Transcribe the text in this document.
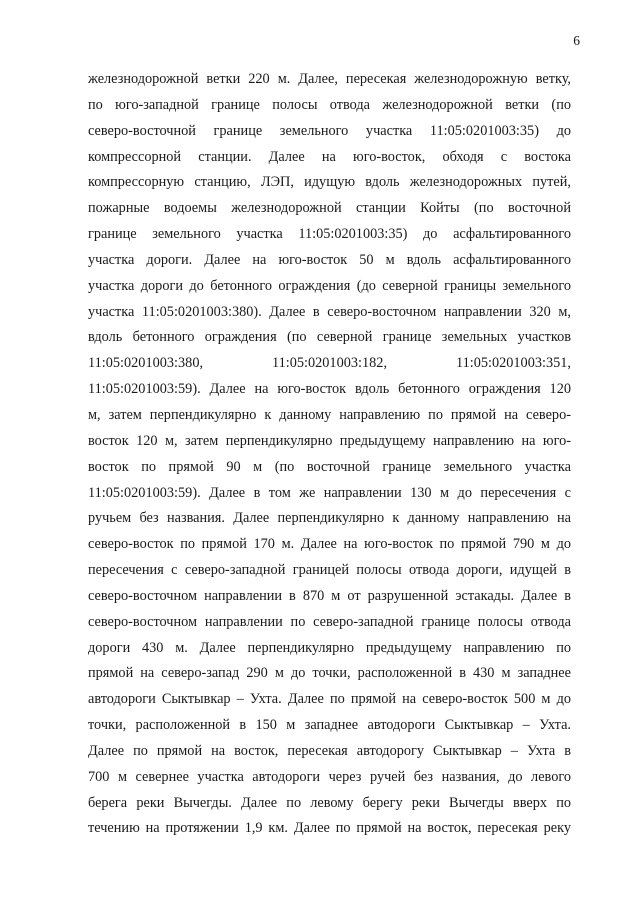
6
железнодорожной ветки 220 м. Далее, пересекая железнодорожную ветку,
по юго-западной границе полосы отвода железнодорожной ветки (по
северо-восточной границе земельного участка 11:05:0201003:35) до
компрессорной станции. Далее на юго-восток, обходя с востока
компрессорную станцию, ЛЭП, идущую вдоль железнодорожных путей,
пожарные водоемы железнодорожной станции Койты (по восточной
границе земельного участка 11:05:0201003:35) до асфальтированного
участка дороги. Далее на юго-восток 50 м вдоль асфальтированного
участка дороги до бетонного ограждения (до северной границы земельного
участка 11:05:0201003:380). Далее в северо-восточном направлении 320 м,
вдоль бетонного ограждения (по северной границе земельных участков
11:05:0201003:380, 11:05:0201003:182, 11:05:0201003:351,
11:05:0201003:59). Далее на юго-восток вдоль бетонного ограждения 120
м, затем перпендикулярно к данному направлению по прямой на северо-
восток 120 м, затем перпендикулярно предыдущему направлению на юго-
восток по прямой 90 м (по восточной границе земельного участка
11:05:0201003:59). Далее в том же направлении 130 м до пересечения с
ручьем без названия. Далее перпендикулярно к данному направлению на
северо-восток по прямой 170 м. Далее на юго-восток по прямой 790 м до
пересечения с северо-западной границей полосы отвода дороги, идущей в
северо-восточном направлении в 870 м от разрушенной эстакады. Далее в
северо-восточном направлении по северо-западной границе полосы отвода
дороги 430 м. Далее перпендикулярно предыдущему направлению по
прямой на северо-запад 290 м до точки, расположенной в 430 м западнее
автодороги Сыктывкар – Ухта. Далее по прямой на северо-восток 500 м до
точки, расположенной в 150 м западнее автодороги Сыктывкар – Ухта.
Далее по прямой на восток, пересекая автодорогу Сыктывкар – Ухта в
700 м севернее участка автодороги через ручей без названия, до левого
берега реки Вычегды. Далее по левому берегу реки Вычегды вверх по
течению на протяжении 1,9 км. Далее по прямой на восток, пересекая реку
